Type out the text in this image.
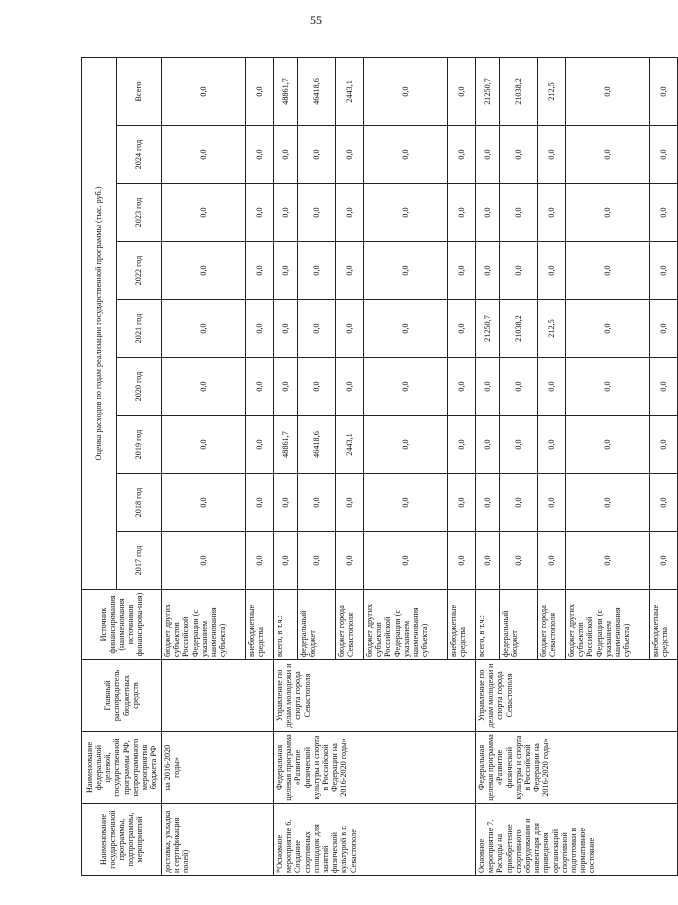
55
Наименование государственной программы, подпрограммы, мероприятий	Наименование федеральной целевой, государственной программы РФ, непрограммного мероприятия бюджета РФ	Главный распорядитель бюджетных средств	Источник финансирования (наименования источников финансирова-ния)	Оценка расходов по годам реализации государственной программы (тыс. руб.)								
				2017 год	2018 год	2019 год	2020 год	2021 год	2022 год	2023 год	2024 год	Всего
доставка, укладка и сертификация полей)	на 2016-2020 годы»		бюджет других субъектов Российской Федерации (с указанием наименования субъекта)	0,0	0,0	0,0	0,0	0,0	0,0	0,0	0,0	0,0
			внебюджетные средства	0,0	0,0	0,0	0,0	0,0	0,0	0,0	0,0	0,0
*Основное мероприятие 6. Создание спортивных площадок для занятий физической культурой в г. Севастополе	Федеральная целевая программа «Развитие физической культуры и спорта в Российской Федерации на 2016-2020 годы»	Управление по делам молодежи и спорта города Севастополя	всего, в т.ч.:	0,0	0,0	48861,7	0,0	0,0	0,0	0,0	0,0	48861,7
			федеральный бюджет	0,0	0,0	46418,6	0,0	0,0	0,0	0,0	0,0	46418,6
			бюджет города Севастополя	0,0	0,0	2443,1	0,0	0,0	0,0	0,0	0,0	2443,1
			бюджет других субъектов Российской Федерации (с указанием наименования субъекта)	0,0	0,0	0,0	0,0	0,0	0,0	0,0	0,0	0,0
			внебюджетные средства	0,0	0,0	0,0	0,0	0,0	0,0	0,0	0,0	0,0
Основное мероприятие 7. Расходы на приобретение спортивного оборудования и инвентаря для приведения организаций спортивной подготовки в нормативное состояние	Федеральная целевая программа «Развитие физической культуры и спорта в Российской Федерации на 2016-2020 годы»	Управление по делам молодежи и спорта города Севастополя	всего, в т.ч.:	0,0	0,0	0,0	0,0	21250,7	0,0	0,0	0,0	21250,7
			федеральный бюджет	0,0	0,0	0,0	0,0	21038,2	0,0	0,0	0,0	21038,2
			бюджет города Севастополя	0,0	0,0	0,0	0,0	212,5	0,0	0,0	0,0	212,5
			бюджет других субъектов Российской Федерации (с указанием наименования субъекта)	0,0	0,0	0,0	0,0	0,0	0,0	0,0	0,0	0,0
			внебюджетные средства	0,0	0,0	0,0	0,0	0,0	0,0	0,0	0,0	0,0
